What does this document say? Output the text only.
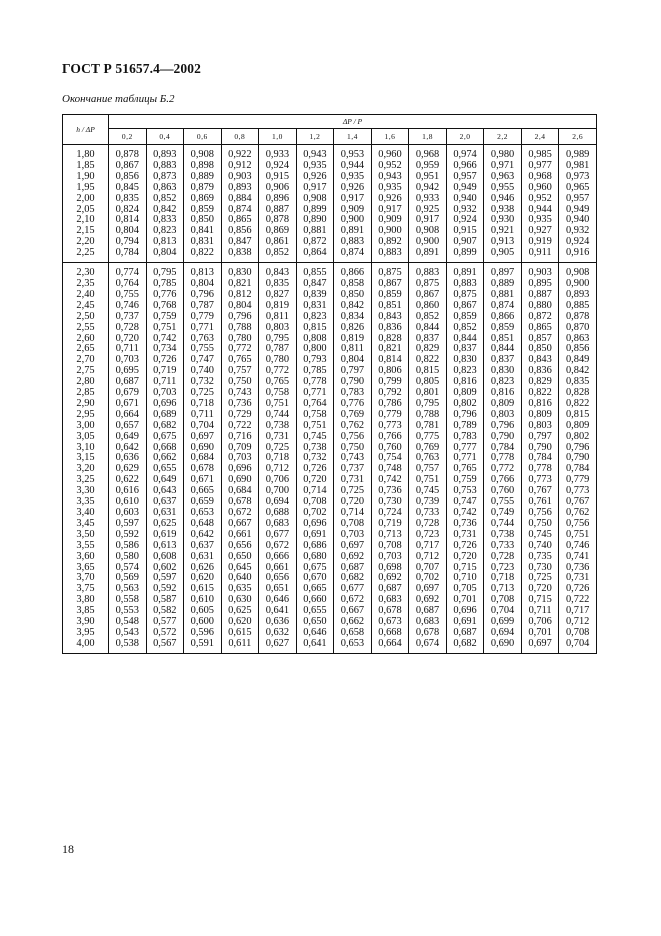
ГОСТ Р 51657.4—2002
Окончание таблицы Б.2
h / ΔP	ΔP / P												
	0,2	0,4	0,6	0,8	1,0	1,2	1,4	1,6	1,8	2,0	2,2	2,4	2,6

1,80	0,878	0,893	0,908	0,922	0,933	0,943	0,953	0,960	0,968	0,974	0,980	0,985	0,989
1,85	0,867	0,883	0,898	0,912	0,924	0,935	0,944	0,952	0,959	0,966	0,971	0,977	0,981
1,90	0,856	0,873	0,889	0,903	0,915	0,926	0,935	0,943	0,951	0,957	0,963	0,968	0,973
1,95	0,845	0,863	0,879	0,893	0,906	0,917	0,926	0,935	0,942	0,949	0,955	0,960	0,965
2,00	0,835	0,852	0,869	0,884	0,896	0,908	0,917	0,926	0,933	0,940	0,946	0,952	0,957
2,05	0,824	0,842	0,859	0,874	0,887	0,899	0,909	0,917	0,925	0,932	0,938	0,944	0,949
2,10	0,814	0,833	0,850	0,865	0,878	0,890	0,900	0,909	0,917	0,924	0,930	0,935	0,940
2,15	0,804	0,823	0,841	0,856	0,869	0,881	0,891	0,900	0,908	0,915	0,921	0,927	0,932
2,20	0,794	0,813	0,831	0,847	0,861	0,872	0,883	0,892	0,900	0,907	0,913	0,919	0,924
2,25	0,784	0,804	0,822	0,838	0,852	0,864	0,874	0,883	0,891	0,899	0,905	0,911	0,916

2,30	0,774	0,795	0,813	0,830	0,843	0,855	0,866	0,875	0,883	0,891	0,897	0,903	0,908
2,35	0,764	0,785	0,804	0,821	0,835	0,847	0,858	0,867	0,875	0,883	0,889	0,895	0,900
2,40	0,755	0,776	0,796	0,812	0,827	0,839	0,850	0,859	0,867	0,875	0,881	0,887	0,893
2,45	0,746	0,768	0,787	0,804	0,819	0,831	0,842	0,851	0,860	0,867	0,874	0,880	0,885
2,50	0,737	0,759	0,779	0,796	0,811	0,823	0,834	0,843	0,852	0,859	0,866	0,872	0,878
2,55	0,728	0,751	0,771	0,788	0,803	0,815	0,826	0,836	0,844	0,852	0,859	0,865	0,870
2,60	0,720	0,742	0,763	0,780	0,795	0,808	0,819	0,828	0,837	0,844	0,851	0,857	0,863
2,65	0,711	0,734	0,755	0,772	0,787	0,800	0,811	0,821	0,829	0,837	0,844	0,850	0,856
2,70	0,703	0,726	0,747	0,765	0,780	0,793	0,804	0,814	0,822	0,830	0,837	0,843	0,849
2,75	0,695	0,719	0,740	0,757	0,772	0,785	0,797	0,806	0,815	0,823	0,830	0,836	0,842
2,80	0,687	0,711	0,732	0,750	0,765	0,778	0,790	0,799	0,805	0,816	0,823	0,829	0,835
2,85	0,679	0,703	0,725	0,743	0,758	0,771	0,783	0,792	0,801	0,809	0,816	0,822	0,828
2,90	0,671	0,696	0,718	0,736	0,751	0,764	0,776	0,786	0,795	0,802	0,809	0,816	0,822
2,95	0,664	0,689	0,711	0,729	0,744	0,758	0,769	0,779	0,788	0,796	0,803	0,809	0,815
3,00	0,657	0,682	0,704	0,722	0,738	0,751	0,762	0,773	0,781	0,789	0,796	0,803	0,809
3,05	0,649	0,675	0,697	0,716	0,731	0,745	0,756	0,766	0,775	0,783	0,790	0,797	0,802
3,10	0,642	0,668	0,690	0,709	0,725	0,738	0,750	0,760	0,769	0,777	0,784	0,790	0,796
3,15	0,636	0,662	0,684	0,703	0,718	0,732	0,743	0,754	0,763	0,771	0,778	0,784	0,790
3,20	0,629	0,655	0,678	0,696	0,712	0,726	0,737	0,748	0,757	0,765	0,772	0,778	0,784
3,25	0,622	0,649	0,671	0,690	0,706	0,720	0,731	0,742	0,751	0,759	0,766	0,773	0,779
3,30	0,616	0,643	0,665	0,684	0,700	0,714	0,725	0,736	0,745	0,753	0,760	0,767	0,773
3,35	0,610	0,637	0,659	0,678	0,694	0,708	0,720	0,730	0,739	0,747	0,755	0,761	0,767
3,40	0,603	0,631	0,653	0,672	0,688	0,702	0,714	0,724	0,733	0,742	0,749	0,756	0,762
3,45	0,597	0,625	0,648	0,667	0,683	0,696	0,708	0,719	0,728	0,736	0,744	0,750	0,756
3,50	0,592	0,619	0,642	0,661	0,677	0,691	0,703	0,713	0,723	0,731	0,738	0,745	0,751
3,55	0,586	0,613	0,637	0,656	0,672	0,686	0,697	0,708	0,717	0,726	0,733	0,740	0,746
3,60	0,580	0,608	0,631	0,650	0,666	0,680	0,692	0,703	0,712	0,720	0,728	0,735	0,741
3,65	0,574	0,602	0,626	0,645	0,661	0,675	0,687	0,698	0,707	0,715	0,723	0,730	0,736
3,70	0,569	0,597	0,620	0,640	0,656	0,670	0,682	0,692	0,702	0,710	0,718	0,725	0,731
3,75	0,563	0,592	0,615	0,635	0,651	0,665	0,677	0,687	0,697	0,705	0,713	0,720	0,726
3,80	0,558	0,587	0,610	0,630	0,646	0,660	0,672	0,683	0,692	0,701	0,708	0,715	0,722
3,85	0,553	0,582	0,605	0,625	0,641	0,655	0,667	0,678	0,687	0,696	0,704	0,711	0,717
3,90	0,548	0,577	0,600	0,620	0,636	0,650	0,662	0,673	0,683	0,691	0,699	0,706	0,712
3,95	0,543	0,572	0,596	0,615	0,632	0,646	0,658	0,668	0,678	0,687	0,694	0,701	0,708
4,00	0,538	0,567	0,591	0,611	0,627	0,641	0,653	0,664	0,674	0,682	0,690	0,697	0,704

18
